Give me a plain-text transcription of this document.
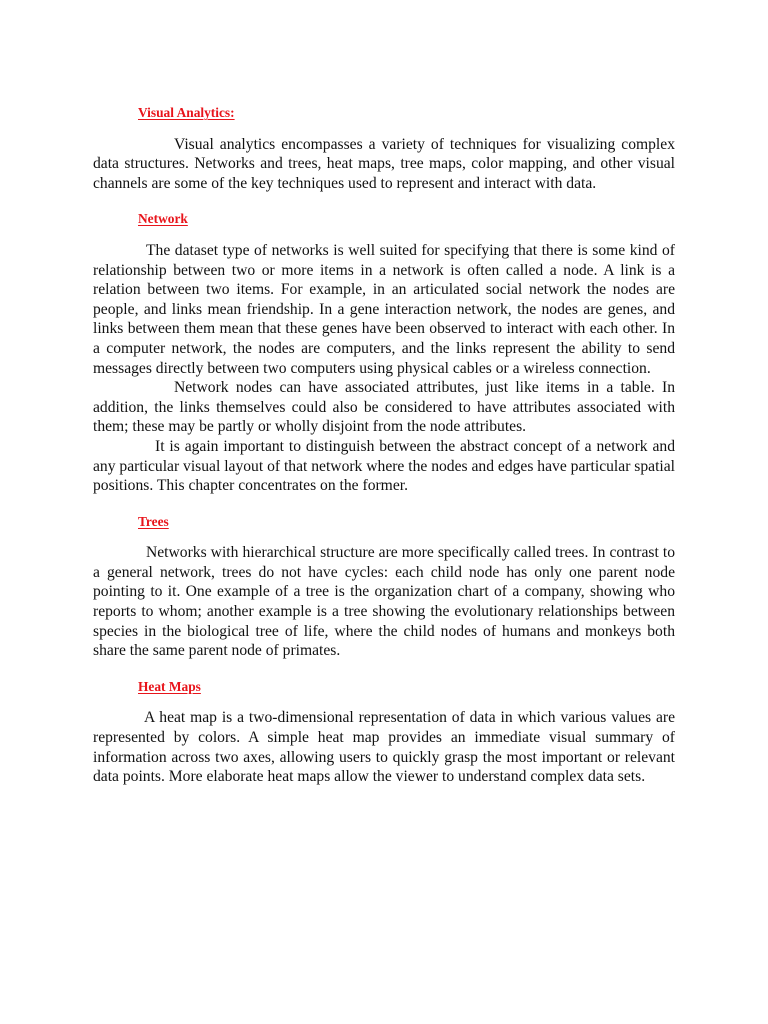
Visual Analytics:

Visual analytics encompasses a variety of techniques for visualizing complex data structures. Networks and trees, heat maps, tree maps, color mapping, and other visual channels are some of the key techniques used to represent and interact with data.

Network

The dataset type of networks is well suited for specifying that there is some kind of relationship between two or more items in a network is often called a node. A link is a relation between two items. For example, in an articulated social network the nodes are people, and links mean friendship. In a gene interaction network, the nodes are genes, and links between them mean that these genes have been observed to interact with each other. In a computer network, the nodes are computers, and the links represent the ability to send messages directly between two computers using physical cables or a wireless connection.

Network nodes can have associated attributes, just like items in a table. In addition, the links themselves could also be considered to have attributes associated with them; these may be partly or wholly disjoint from the node attributes.

It is again important to distinguish between the abstract concept of a network and any particular visual layout of that network where the nodes and edges have particular spatial positions. This chapter concentrates on the former.

Trees

Networks with hierarchical structure are more specifically called trees. In contrast to a general network, trees do not have cycles: each child node has only one parent node pointing to it. One example of a tree is the organization chart of a company, showing who reports to whom; another example is a tree showing the evolutionary relationships between species in the biological tree of life, where the child nodes of humans and monkeys both share the same parent node of primates.

Heat Maps

A heat map is a two-dimensional representation of data in which various values are represented by colors. A simple heat map provides an immediate visual summary of information across two axes, allowing users to quickly grasp the most important or relevant data points. More elaborate heat maps allow the viewer to understand complex data sets.
